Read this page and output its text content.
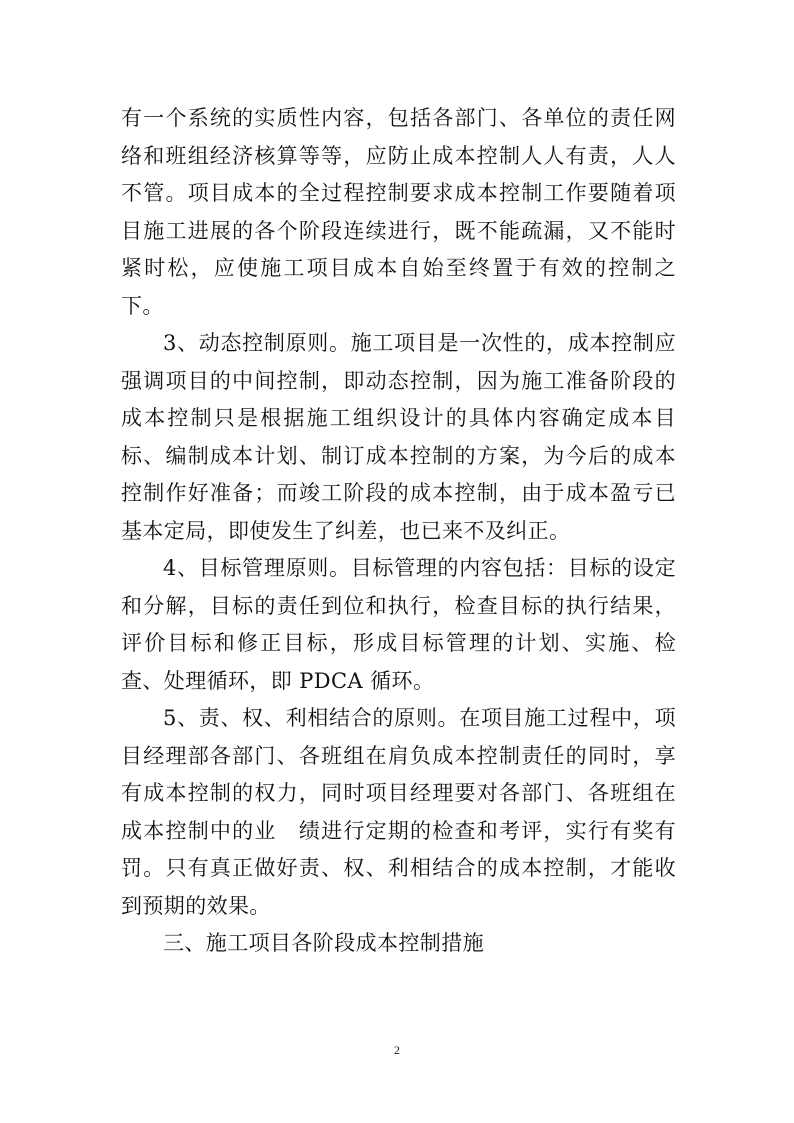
有一个系统的实质性内容，包括各部门、各单位的责任网络和班组经济核算等等，应防止成本控制人人有责，人人不管。项目成本的全过程控制要求成本控制工作要随着项目施工进展的各个阶段连续进行，既不能疏漏，又不能时紧时松，应使施工项目成本自始至终置于有效的控制之下。

3、动态控制原则。施工项目是一次性的，成本控制应强调项目的中间控制，即动态控制，因为施工准备阶段的成本控制只是根据施工组织设计的具体内容确定成本目标、编制成本计划、制订成本控制的方案，为今后的成本控制作好准备；而竣工阶段的成本控制，由于成本盈亏已基本定局，即使发生了纠差，也已来不及纠正。

4、目标管理原则。目标管理的内容包括：目标的设定和分解，目标的责任到位和执行，检查目标的执行结果，评价目标和修正目标，形成目标管理的计划、实施、检查、处理循环，即 PDCA 循环。

5、责、权、利相结合的原则。在项目施工过程中，项目经理部各部门、各班组在肩负成本控制责任的同时，享有成本控制的权力，同时项目经理要对各部门、各班组在成本控制中的业　绩进行定期的检查和考评，实行有奖有罚。只有真正做好责、权、利相结合的成本控制，才能收到预期的效果。

三、施工项目各阶段成本控制措施

2
